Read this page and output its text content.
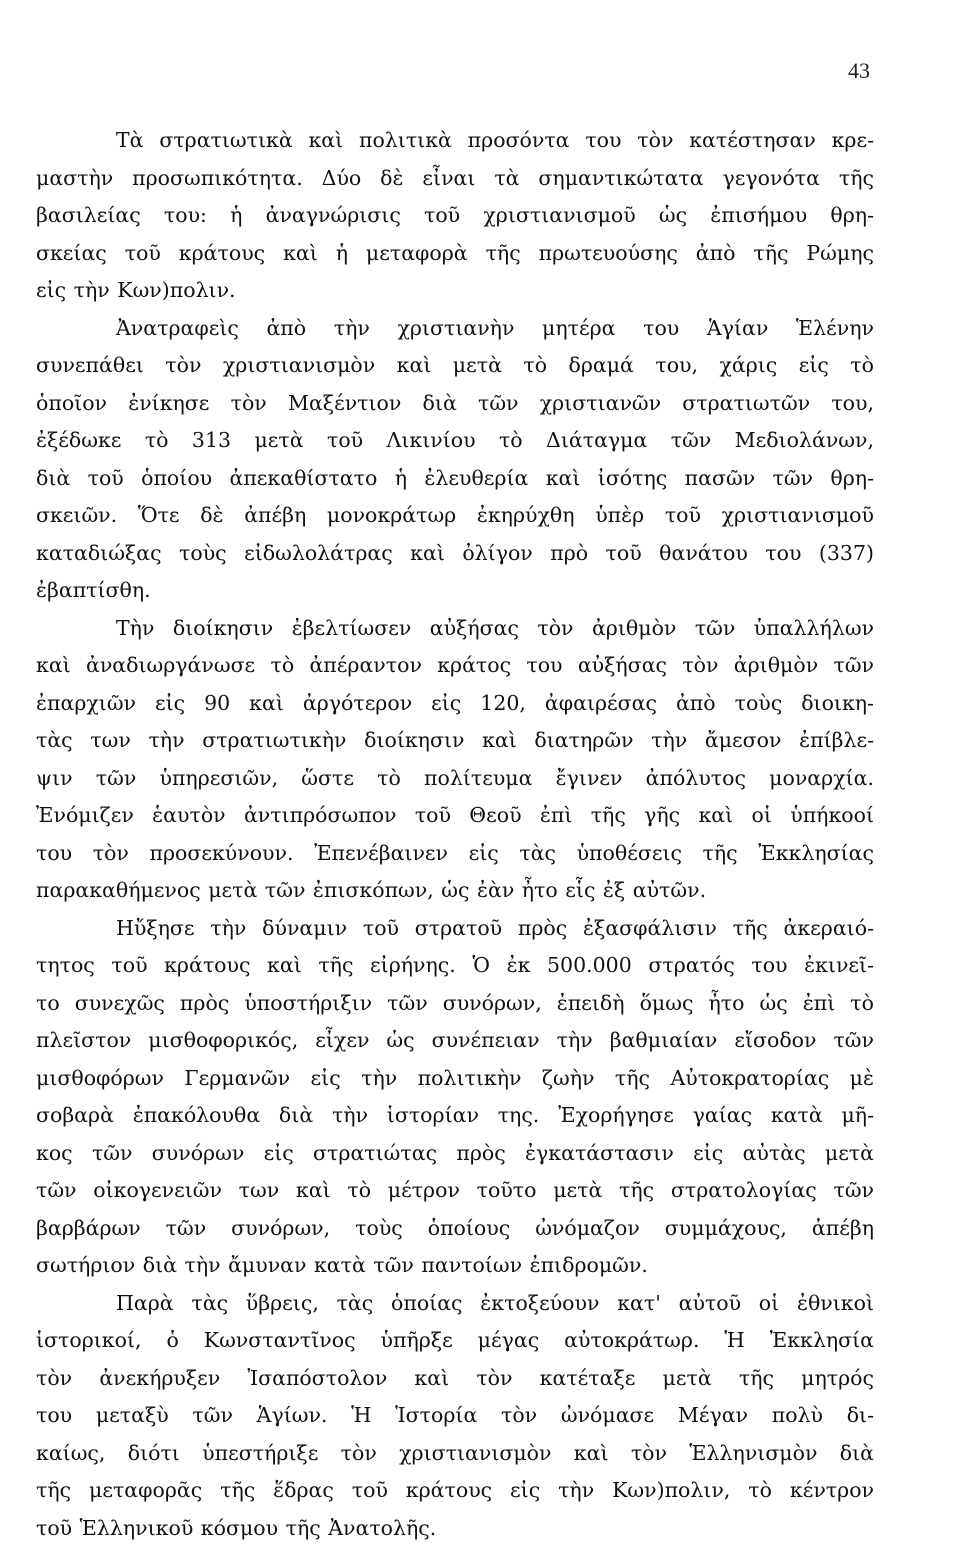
43
Τὰ στρατιωτικὰ καὶ πολιτικὰ προσόντα του τὸν κατέστησαν κρε-
μαστὴν προσωπικότητα. Δύο δὲ εἶναι τὰ σημαντικώτατα γεγονότα τῆς
βασιλείας του: ἡ ἀναγνώρισις τοῦ χριστιανισμοῦ ὡς ἐπισήμου θρη-
σκείας τοῦ κράτους καὶ ἡ μεταφορὰ τῆς πρωτευούσης ἀπὸ τῆς Ρώμης
εἰς τὴν Κων)πολιν.
Ἀνατραφεὶς ἀπὸ τὴν χριστιανὴν μητέρα του Ἁγίαν Ἑλένην
συνεπάθει τὸν χριστιανισμὸν καὶ μετὰ τὸ δραμά του, χάρις εἰς τὸ
ὁποῖον ἐνίκησε τὸν Μαξέντιον διὰ τῶν χριστιανῶν στρατιωτῶν του,
ἐξέδωκε τὸ 313 μετὰ τοῦ Λικινίου τὸ Διάταγμα τῶν Μεδιολάνων,
διὰ τοῦ ὁποίου ἀπεκαθίστατο ἡ ἐλευθερία καὶ ἰσότης πασῶν τῶν θρη-
σκειῶν. Ὅτε δὲ ἀπέβη μονοκράτωρ ἐκηρύχθη ὑπὲρ τοῦ χριστιανισμοῦ
καταδιώξας τοὺς εἰδωλολάτρας καὶ ὀλίγον πρὸ τοῦ θανάτου του (337)
ἐβαπτίσθη.
Τὴν διοίκησιν ἐβελτίωσεν αὐξήσας τὸν ἀριθμὸν τῶν ὑπαλλήλων
καὶ ἀναδιωργάνωσε τὸ ἀπέραντον κράτος του αὐξήσας τὸν ἀριθμὸν τῶν
ἐπαρχιῶν εἰς 90 καὶ ἀργότερον εἰς 120, ἀφαιρέσας ἀπὸ τοὺς διοικη-
τὰς των τὴν στρατιωτικὴν διοίκησιν καὶ διατηρῶν τὴν ἄμεσον ἐπίβλε-
ψιν τῶν ὑπηρεσιῶν, ὥστε τὸ πολίτευμα ἔγινεν ἀπόλυτος μοναρχία.
Ἐνόμιζεν ἑαυτὸν ἀντιπρόσωπον τοῦ Θεοῦ ἐπὶ τῆς γῆς καὶ οἱ ὑπήκοοί
του τὸν προσεκύνουν. Ἐπενέβαινεν εἰς τὰς ὑποθέσεις τῆς Ἐκκλησίας
παρακαθήμενος μετὰ τῶν ἐπισκόπων, ὡς ἐὰν ἦτο εἷς ἐξ αὐτῶν.
Ηὔξησε τὴν δύναμιν τοῦ στρατοῦ πρὸς ἐξασφάλισιν τῆς ἀκεραιό-
τητος τοῦ κράτους καὶ τῆς εἰρήνης. Ὁ ἐκ 500.000 στρατός του ἐκινεῖ-
το συνεχῶς πρὸς ὑποστήριξιν τῶν συνόρων, ἐπειδὴ ὅμως ἦτο ὡς ἐπὶ τὸ
πλεῖστον μισθοφορικός, εἶχεν ὡς συνέπειαν τὴν βαθμιαίαν εἴσοδον τῶν
μισθοφόρων Γερμανῶν εἰς τὴν πολιτικὴν ζωὴν τῆς Αὐτοκρατορίας μὲ
σοβαρὰ ἐπακόλουθα διὰ τὴν ἱστορίαν της. Ἐχορήγησε γαίας κατὰ μῆ-
κος τῶν συνόρων εἰς στρατιώτας πρὸς ἐγκατάστασιν εἰς αὐτὰς μετὰ
τῶν οἰκογενειῶν των καὶ τὸ μέτρον τοῦτο μετὰ τῆς στρατολογίας τῶν
βαρβάρων τῶν συνόρων, τοὺς ὁποίους ὠνόμαζον συμμάχους, ἀπέβη
σωτήριον διὰ τὴν ἄμυναν κατὰ τῶν παντοίων ἐπιδρομῶν.
Παρὰ τὰς ὕβρεις, τὰς ὁποίας ἐκτοξεύουν κατ' αὐτοῦ οἱ ἐθνικοὶ
ἱστορικοί, ὁ Κωνσταντῖνος ὑπῆρξε μέγας αὐτοκράτωρ. Ἡ Ἐκκλησία
τὸν ἀνεκήρυξεν Ἰσαπόστολον καὶ τὸν κατέταξε μετὰ τῆς μητρός
του μεταξὺ τῶν Ἁγίων. Ἡ Ἱστορία τὸν ὠνόμασε Μέγαν πολὺ δι-
καίως, διότι ὑπεστήριξε τὸν χριστιανισμὸν καὶ τὸν Ἑλληνισμὸν διὰ
τῆς μεταφορᾶς τῆς ἕδρας τοῦ κράτους εἰς τὴν Κων)πολιν, τὸ κέντρον
τοῦ Ἑλληνικοῦ κόσμου τῆς Ἀνατολῆς.
